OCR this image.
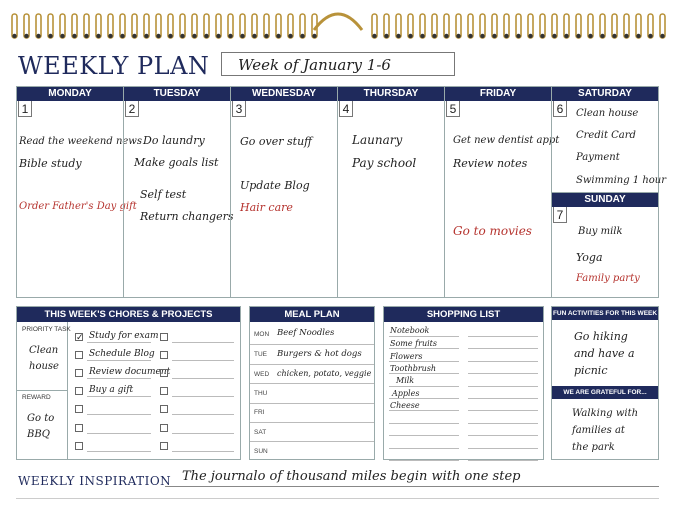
WEEKLY PLAN	Week of January 1-6
MONDAY
1
Read the weekend news
Bible study
Order Father's Day gift
TUESDAY
2
Do laundry
Make goals list
Self test
Return changers
WEDNESDAY
3
Go over stuff
Update Blog
Hair care
THURSDAY
4
Launary
Pay school
FRIDAY
5
Get new dentist appt
Review notes
Go to movies
SATURDAY
6	Clean house
Credit Card
Payment
Swimming 1 hour
SUNDAY
7
Buy milk
Yoga
Family party
THIS WEEK'S CHORES & PROJECTS
PRIORITY TASK
Clean
house
REWARD
Go to
BBQ
✓ Study for exam
Schedule Blog
Review document
Buy a gift
MEAL PLAN
MON Beef Noodles
TUE Burgers & hot dogs
WED chicken, potato, veggie
THU
FRI
SAT
SUN
SHOPPING LIST
Notebook
Some fruits
Flowers
Toothbrush
Milk
Apples
Cheese
FUN ACTIVITIES FOR THIS WEEK
Go hiking
and have a
picnic
WE ARE GRATEFUL FOR...
Walking with
families at
the park
WEEKLY INSPIRATION The journalo of thousand miles begin with one step
